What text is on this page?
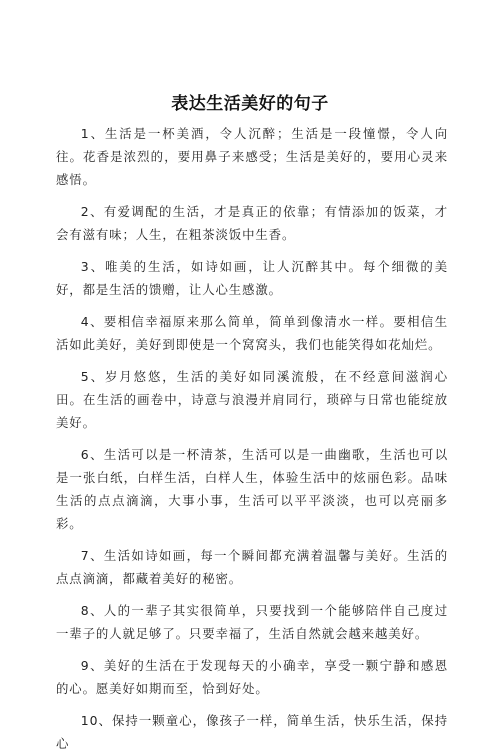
表达生活美好的句子

1、生活是一杯美酒，令人沉醉；生活是一段憧憬，令人向往。花香是浓烈的，要用鼻子来感受；生活是美好的，要用心灵来感悟。

2、有爱调配的生活，才是真正的依靠；有情添加的饭菜，才会有滋有味；人生，在粗茶淡饭中生香。

3、唯美的生活，如诗如画，让人沉醉其中。每个细微的美好，都是生活的馈赠，让人心生感激。

4、要相信幸福原来那么简单，简单到像清水一样。要相信生活如此美好，美好到即使是一个窝窝头，我们也能笑得如花灿烂。

5、岁月悠悠，生活的美好如同溪流般，在不经意间滋润心田。在生活的画卷中，诗意与浪漫并肩同行，琐碎与日常也能绽放美好。

6、生活可以是一杯清茶，生活可以是一曲幽歌，生活也可以是一张白纸，白样生活，白样人生，体验生活中的炫丽色彩。品味生活的点点滴滴，大事小事，生活可以平平淡淡，也可以亮丽多彩。

7、生活如诗如画，每一个瞬间都充满着温馨与美好。生活的点点滴滴，都藏着美好的秘密。

8、人的一辈子其实很简单，只要找到一个能够陪伴自己度过一辈子的人就足够了。只要幸福了，生活自然就会越来越美好。

9、美好的生活在于发现每天的小确幸，享受一颗宁静和感恩的心。愿美好如期而至，恰到好处。

10、保持一颗童心，像孩子一样，简单生活，快乐生活，保持心
